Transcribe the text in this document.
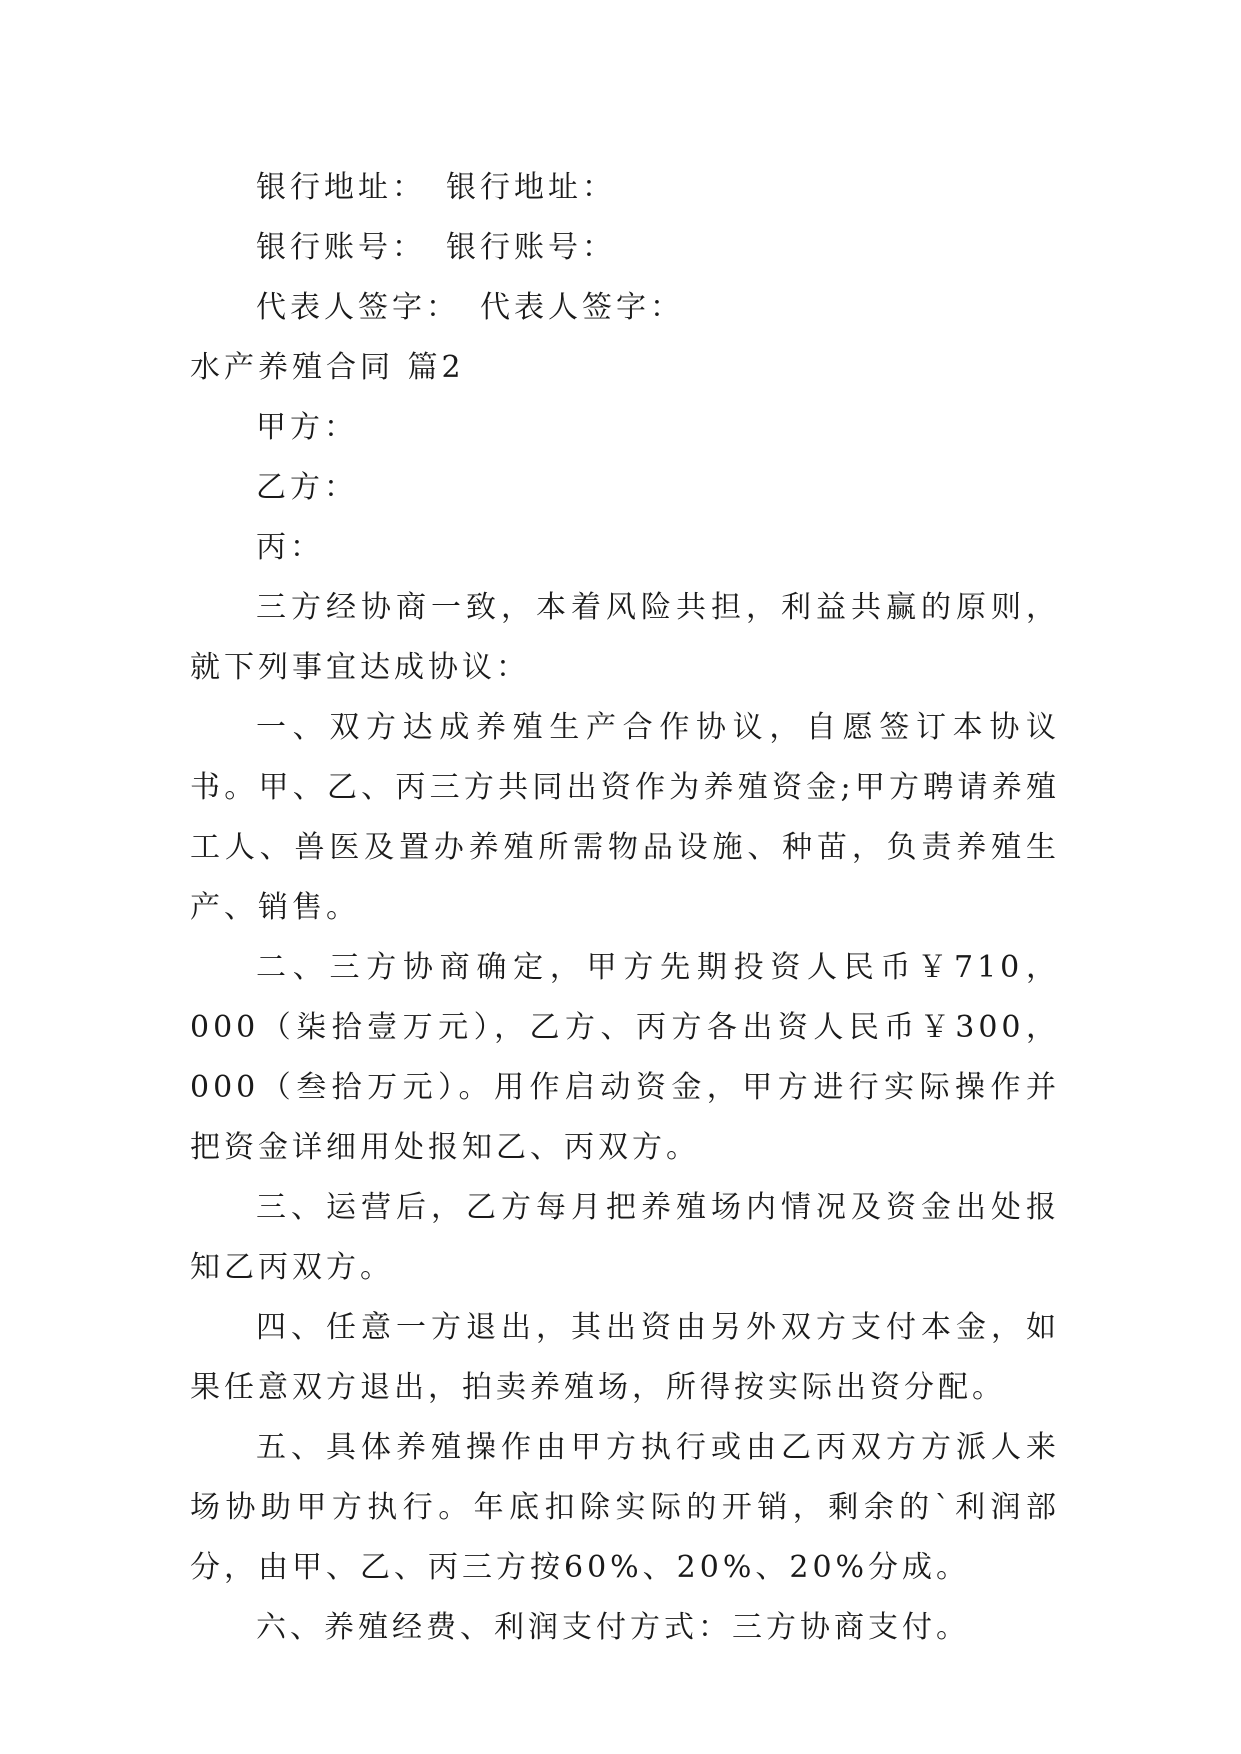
银行地址： 银行地址：
银行账号： 银行账号：
代表人签字： 代表人签字：
水产养殖合同 篇2
甲方：
乙方：
丙：

三方经协商一致，本着风险共担，利益共赢的原则，就下列事宜达成协议：

一、双方达成养殖生产合作协议，自愿签订本协议书。甲、乙、丙三方共同出资作为养殖资金;甲方聘请养殖工人、兽医及置办养殖所需物品设施、种苗，负责养殖生产、销售。

二、三方协商确定，甲方先期投资人民币￥710，000（柒拾壹万元），乙方、丙方各出资人民币￥300，000（叁拾万元）。用作启动资金，甲方进行实际操作并把资金详细用处报知乙、丙双方。

三、运营后，乙方每月把养殖场内情况及资金出处报知乙丙双方。

四、任意一方退出，其出资由另外双方支付本金，如果任意双方退出，拍卖养殖场，所得按实际出资分配。

五、具体养殖操作由甲方执行或由乙丙双方方派人来场协助甲方执行。年底扣除实际的开销，剩余的`利润部分，由甲、乙、丙三方按60%、20%、20%分成。

六、养殖经费、利润支付方式：三方协商支付。
